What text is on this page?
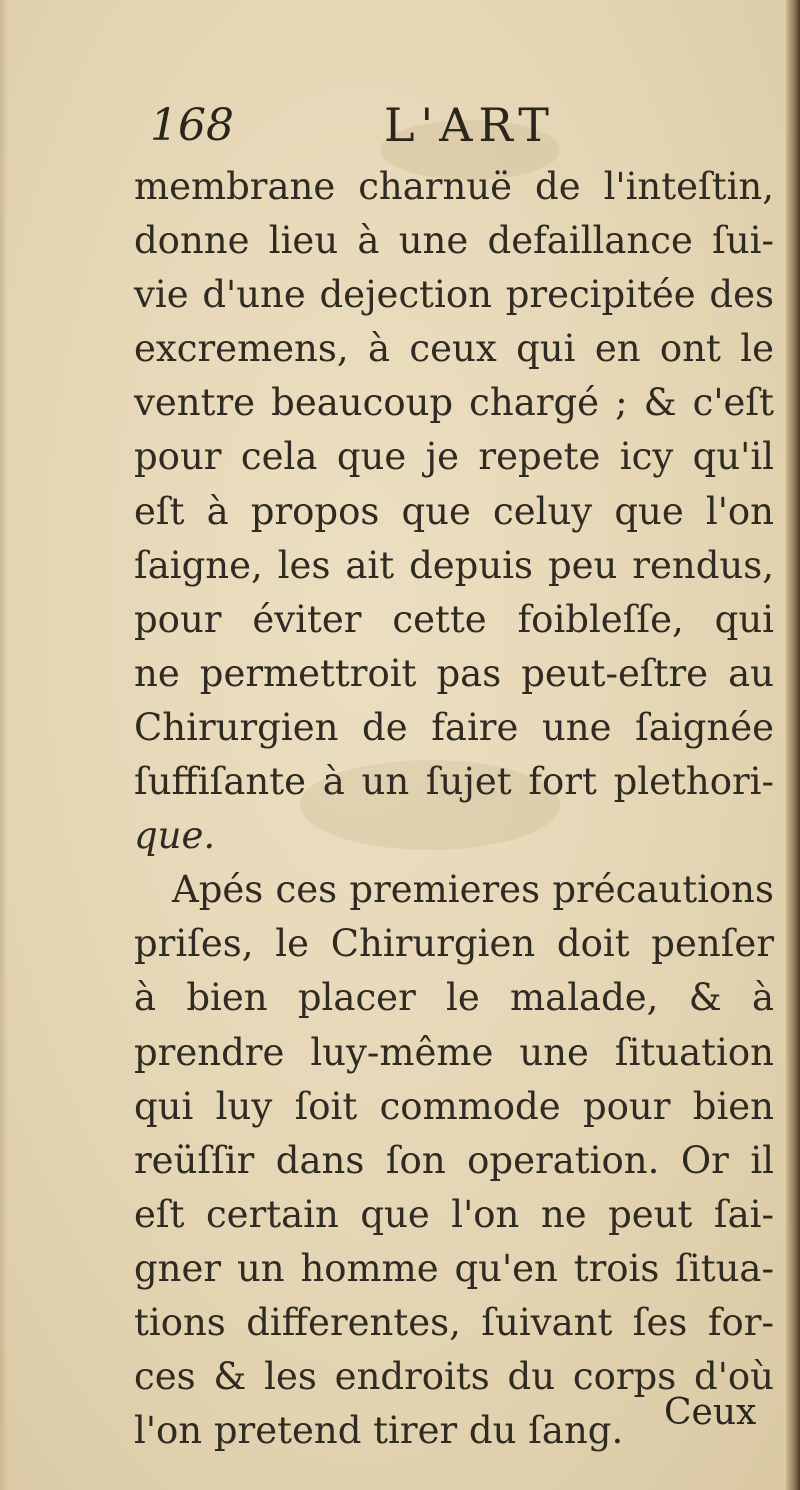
168	L'ART
membrane charnuë de l'inteſtin,
donne lieu à une defaillance ſui-
vie d'une dejection precipitée des
excremens, à ceux qui en ont le
ventre beaucoup chargé ; & c'eſt
pour cela que je repete icy qu'il
eſt à propos que celuy que l'on
ſaigne, les ait depuis peu rendus,
pour éviter cette foibleſſe, qui
ne permettroit pas peut-eſtre au
Chirurgien de faire une ſaignée
ſuffiſante à un ſujet fort plethori-
que.
Apés ces premieres précautions
priſes, le Chirurgien doit penſer
à bien placer le malade, & à
prendre luy-même une ſituation
qui luy ſoit commode pour bien
reüſſir dans ſon operation. Or il
eſt certain que l'on ne peut ſai-
gner un homme qu'en trois ſitua-
tions differentes, ſuivant ſes for-
ces & les endroits du corps d'où
l'on pretend tirer du ſang.	Ceux
